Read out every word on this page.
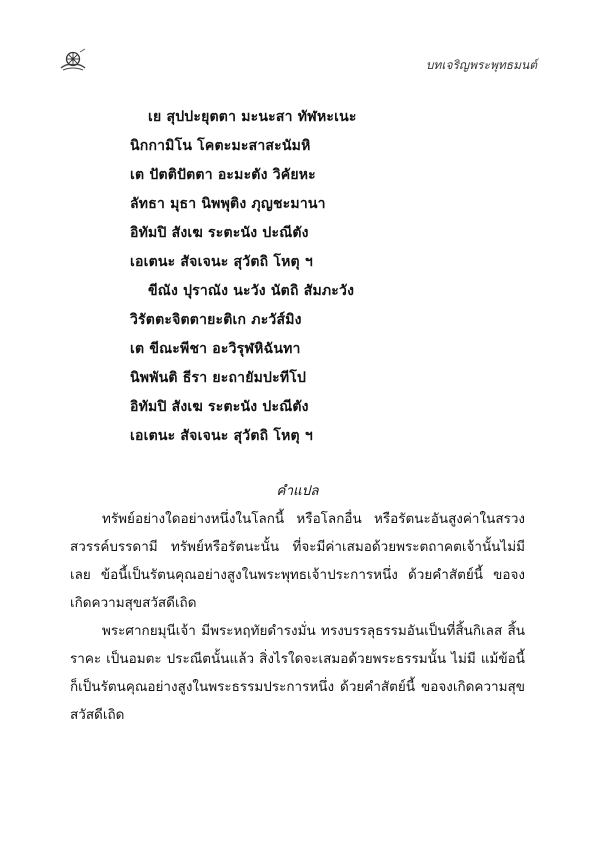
บทเจริญพระพุทธมนต์
เย สุปปะยุตตา มะนะสา ทัฬหะเนะ
นิกกามิโน โคตะมะสาสะนัมหิ
เต ปัตติปัตตา อะมะตัง วิคัยหะ
ลัทธา มุธา นิพพุติง ภุญชะมานา
อิทัมปิ สังเฆ ระตะนัง ปะณีตัง
เอเตนะ สัจเจนะ สุวัตถิ โหตุ ฯ
ขีณัง ปุราณัง นะวัง นัตถิ สัมภะวัง
วิรัตตะจิตตายะติเก ภะวัส์มิง
เต ขีณะพีชา อะวิรุฬหิฉันทา
นิพพันติ ธีรา ยะถายัมปะทีโป
อิทัมปิ สังเฆ ระตะนัง ปะณีตัง
เอเตนะ สัจเจนะ สุวัตถิ โหตุ ฯ
คำแปล

ทรัพย์อย่างใดอย่างหนึ่งในโลกนี้ หรือโลกอื่น หรือรัตนะอันสูงค่าในสรวงสวรรค์บรรดามี ทรัพย์หรือรัตนะนั้น ที่จะมีค่าเสมอด้วยพระตถาคตเจ้านั้นไม่มีเลย ข้อนี้เป็นรัตนคุณอย่างสูงในพระพุทธเจ้าประการหนึ่ง ด้วยคำสัตย์นี้ ขอจงเกิดความสุขสวัสดีเถิด

พระศากยมุนีเจ้า มีพระหฤทัยดำรงมั่น ทรงบรรลุธรรมอันเป็นที่สิ้นกิเลส สิ้นราคะ เป็นอมตะ ประณีตนั้นแล้ว สิ่งไรใดจะเสมอด้วยพระธรรมนั้น ไม่มี แม้ข้อนี้ก็เป็นรัตนคุณอย่างสูงในพระธรรมประการหนึ่ง ด้วยคำสัตย์นี้ ขอจงเกิดความสุขสวัสดีเถิด
